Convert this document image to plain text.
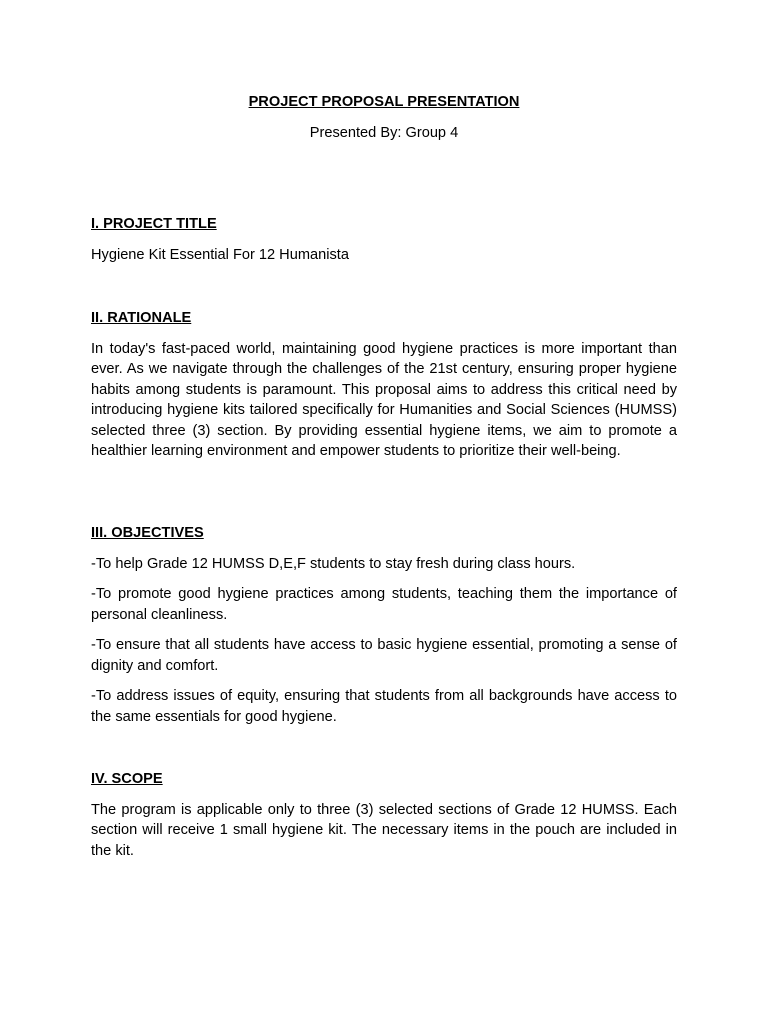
PROJECT PROPOSAL PRESENTATION

Presented By: Group 4

I. PROJECT TITLE

Hygiene Kit Essential For 12 Humanista

II. RATIONALE

In today's fast-paced world, maintaining good hygiene practices is more important than ever. As we navigate through the challenges of the 21st century, ensuring proper hygiene habits among students is paramount. This proposal aims to address this critical need by introducing hygiene kits tailored specifically for Humanities and Social Sciences (HUMSS) selected three (3) section. By providing essential hygiene items, we aim to promote a healthier learning environment and empower students to prioritize their well-being.

III. OBJECTIVES

-To help Grade 12 HUMSS D,E,F students to stay fresh during class hours.

-To promote good hygiene practices among students, teaching them the importance of personal cleanliness.

-To ensure that all students have access to basic hygiene essential, promoting a sense of dignity and comfort.

-To address issues of equity, ensuring that students from all backgrounds have access to the same essentials for good hygiene.

IV. SCOPE

The program is applicable only to three (3) selected sections of Grade 12 HUMSS. Each section will receive 1 small hygiene kit. The necessary items in the pouch are included in the kit.
